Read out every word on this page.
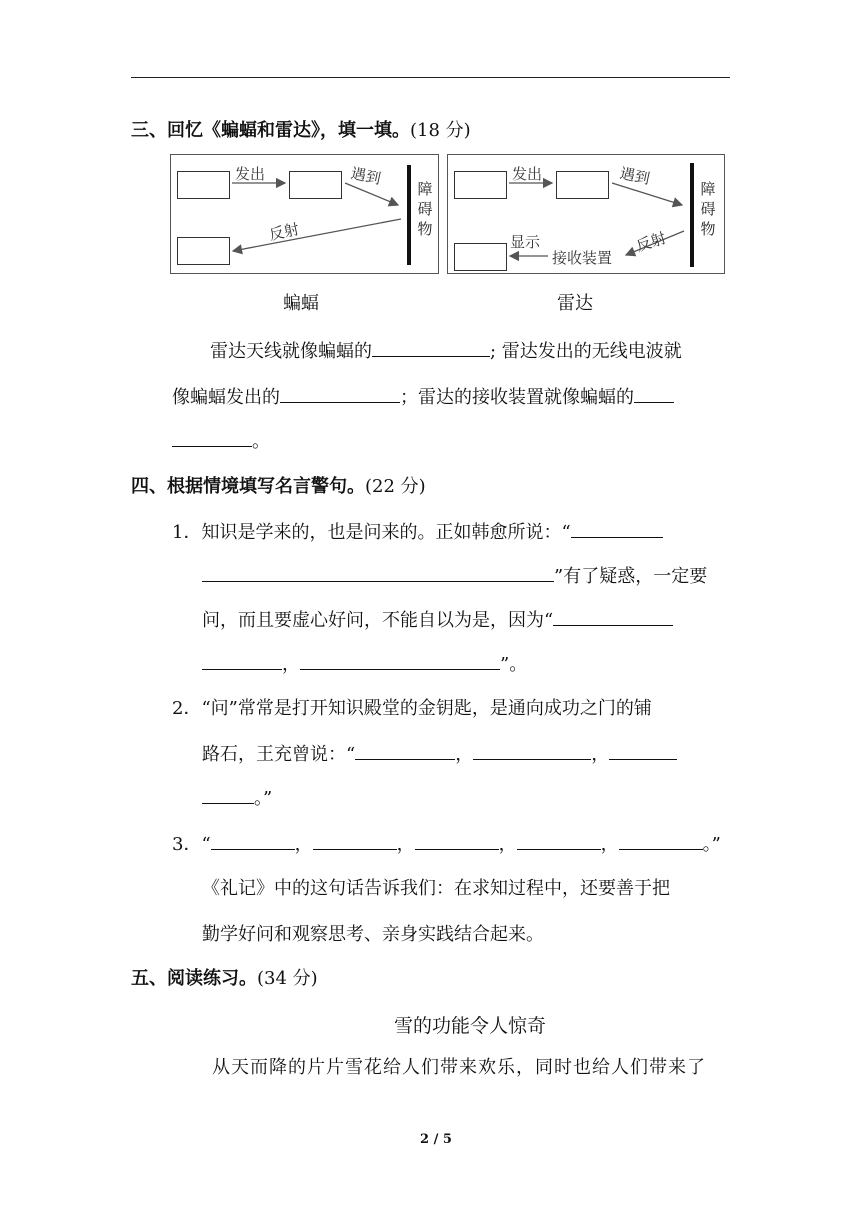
三、回忆《蝙蝠和雷达》，填一填。(18 分)
发出	遇到
反射
障
碍
物
发出	遇到
反射
显示
接收装置
障
碍
物
蝙蝠	雷达
雷达天线就像蝙蝠的	; 雷达发出的无线电波就
像蝙蝠发出的	；雷达的接收装置就像蝙蝠的
。
四、根据情境填写名言警句。(22 分)
1．知识是学来的，也是问来的。正如韩愈所说：“
”有了疑惑，一定要
问，而且要虚心好问，不能自以为是，因为“
，	”。
2．“问”常常是打开知识殿堂的金钥匙，是通向成功之门的铺
路石，王充曾说：“	，	，
。”
3．“	，	，	，	，	。”
《礼记》中的这句话告诉我们：在求知过程中，还要善于把
勤学好问和观察思考、亲身实践结合起来。
五、阅读练习。(34 分)
雪的功能令人惊奇
从天而降的片片雪花给人们带来欢乐，同时也给人们带来了
2 / 5
